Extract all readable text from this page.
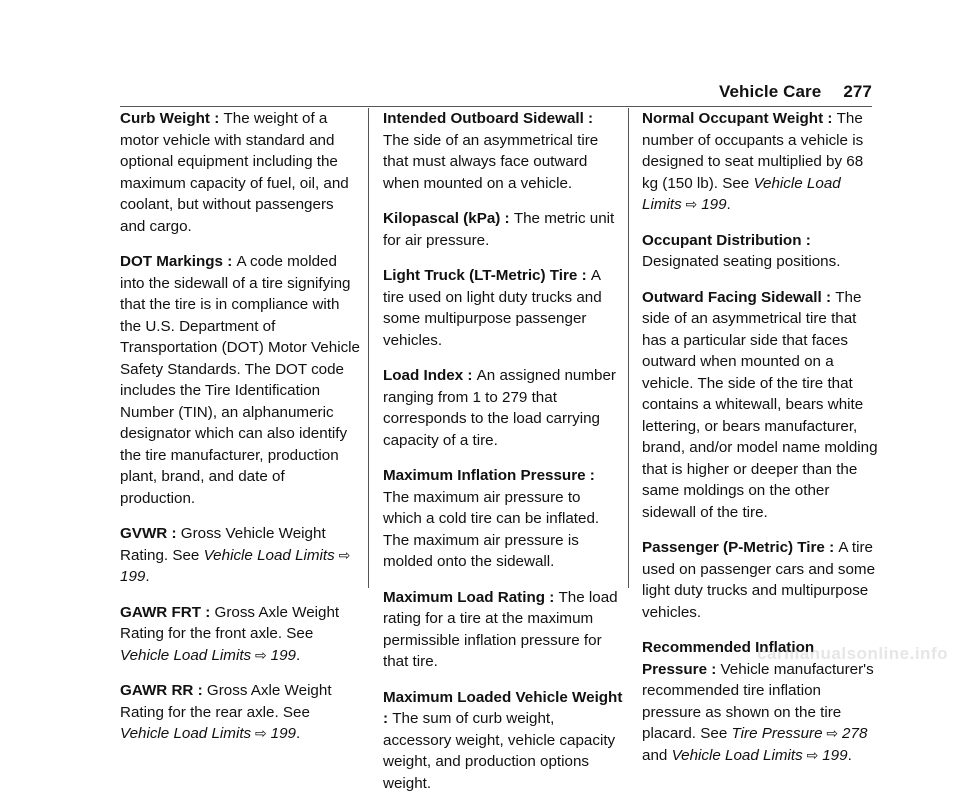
Vehicle Care 277

Curb Weight : The weight of a motor vehicle with standard and optional equipment including the maximum capacity of fuel, oil, and coolant, but without passengers and cargo.

DOT Markings : A code molded into the sidewall of a tire signifying that the tire is in compliance with the U.S. Department of Transportation (DOT) Motor Vehicle Safety Standards. The DOT code includes the Tire Identification Number (TIN), an alphanumeric designator which can also identify the tire manufacturer, production plant, brand, and date of production.

GVWR : Gross Vehicle Weight Rating. See Vehicle Load Limits ⇨ 199.

GAWR FRT : Gross Axle Weight Rating for the front axle. See Vehicle Load Limits ⇨ 199.

GAWR RR : Gross Axle Weight Rating for the rear axle. See Vehicle Load Limits ⇨ 199.

Intended Outboard Sidewall : The side of an asymmetrical tire that must always face outward when mounted on a vehicle.

Kilopascal (kPa) : The metric unit for air pressure.

Light Truck (LT-Metric) Tire : A tire used on light duty trucks and some multipurpose passenger vehicles.

Load Index : An assigned number ranging from 1 to 279 that corresponds to the load carrying capacity of a tire.

Maximum Inflation Pressure : The maximum air pressure to which a cold tire can be inflated. The maximum air pressure is molded onto the sidewall.

Maximum Load Rating : The load rating for a tire at the maximum permissible inflation pressure for that tire.

Maximum Loaded Vehicle Weight : The sum of curb weight, accessory weight, vehicle capacity weight, and production options weight.

Normal Occupant Weight : The number of occupants a vehicle is designed to seat multiplied by 68 kg (150 lb). See Vehicle Load Limits ⇨ 199.

Occupant Distribution : Designated seating positions.

Outward Facing Sidewall : The side of an asymmetrical tire that has a particular side that faces outward when mounted on a vehicle. The side of the tire that contains a whitewall, bears white lettering, or bears manufacturer, brand, and/or model name molding that is higher or deeper than the same moldings on the other sidewall of the tire.

Passenger (P-Metric) Tire : A tire used on passenger cars and some light duty trucks and multipurpose vehicles.

Recommended Inflation Pressure : Vehicle manufacturer's recommended tire inflation pressure as shown on the tire placard. See Tire Pressure ⇨ 278 and Vehicle Load Limits ⇨ 199.

carmanualsonline.info
